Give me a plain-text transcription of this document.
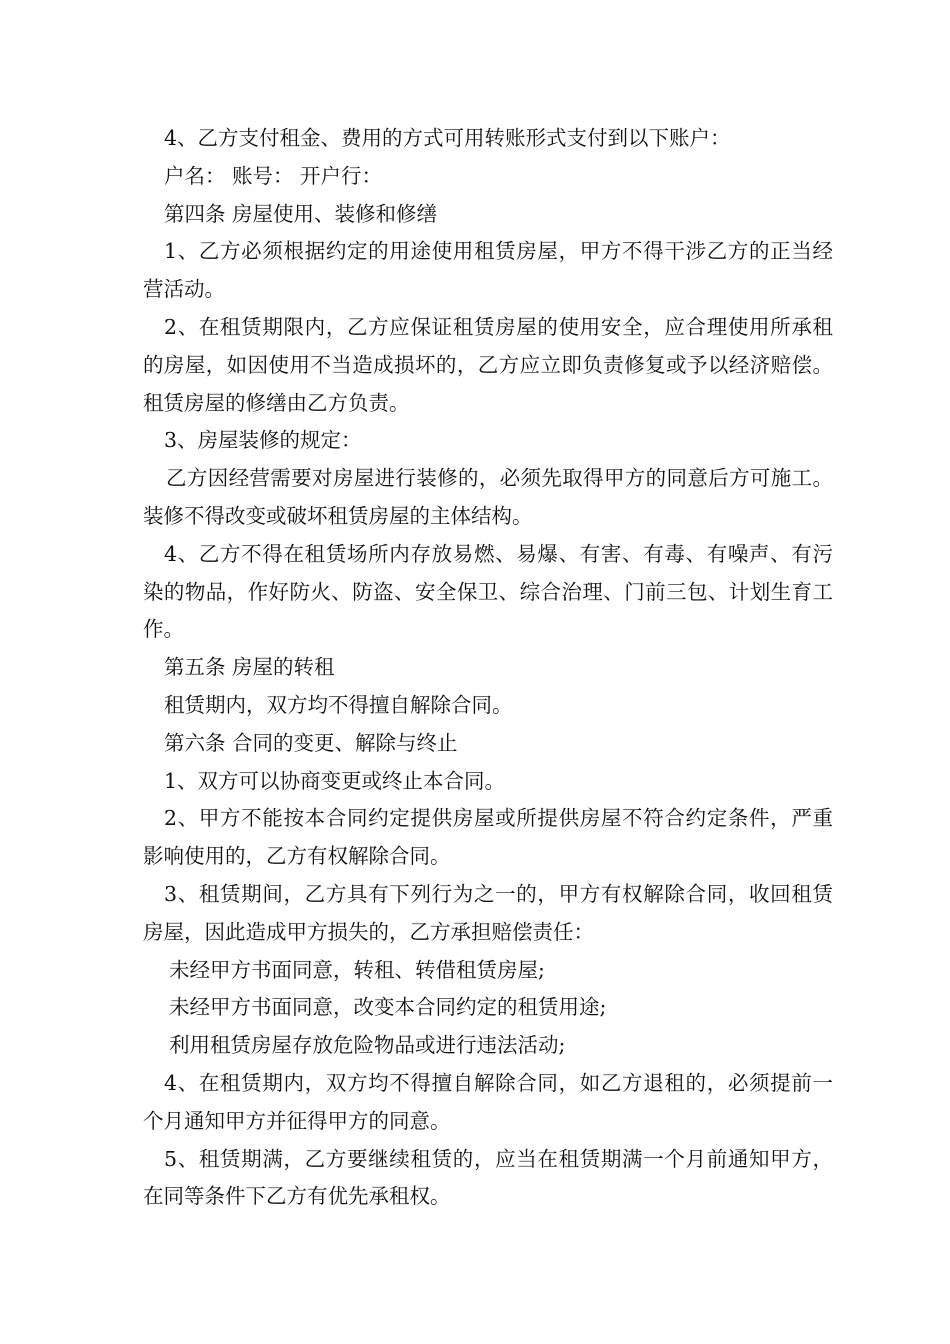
4、乙方支付租金、费用的方式可用转账形式支付到以下账户：

户名： 账号： 开户行：

第四条 房屋使用、装修和修缮

1、乙方必须根据约定的用途使用租赁房屋，甲方不得干涉乙方的正当经营活动。

2、在租赁期限内，乙方应保证租赁房屋的使用安全，应合理使用所承租的房屋，如因使用不当造成损坏的，乙方应立即负责修复或予以经济赔偿。租赁房屋的修缮由乙方负责。

3、房屋装修的规定：

乙方因经营需要对房屋进行装修的，必须先取得甲方的同意后方可施工。装修不得改变或破坏租赁房屋的主体结构。

4、乙方不得在租赁场所内存放易燃、易爆、有害、有毒、有噪声、有污染的物品，作好防火、防盗、安全保卫、综合治理、门前三包、计划生育工作。

第五条 房屋的转租

租赁期内，双方均不得擅自解除合同。

第六条 合同的变更、解除与终止

1、双方可以协商变更或终止本合同。

2、甲方不能按本合同约定提供房屋或所提供房屋不符合约定条件，严重影响使用的，乙方有权解除合同。

3、租赁期间，乙方具有下列行为之一的，甲方有权解除合同，收回租赁房屋，因此造成甲方损失的，乙方承担赔偿责任：

未经甲方书面同意，转租、转借租赁房屋;

未经甲方书面同意，改变本合同约定的租赁用途;

利用租赁房屋存放危险物品或进行违法活动;

4、在租赁期内，双方均不得擅自解除合同，如乙方退租的，必须提前一个月通知甲方并征得甲方的同意。

5、租赁期满，乙方要继续租赁的，应当在租赁期满一个月前通知甲方，在同等条件下乙方有优先承租权。
